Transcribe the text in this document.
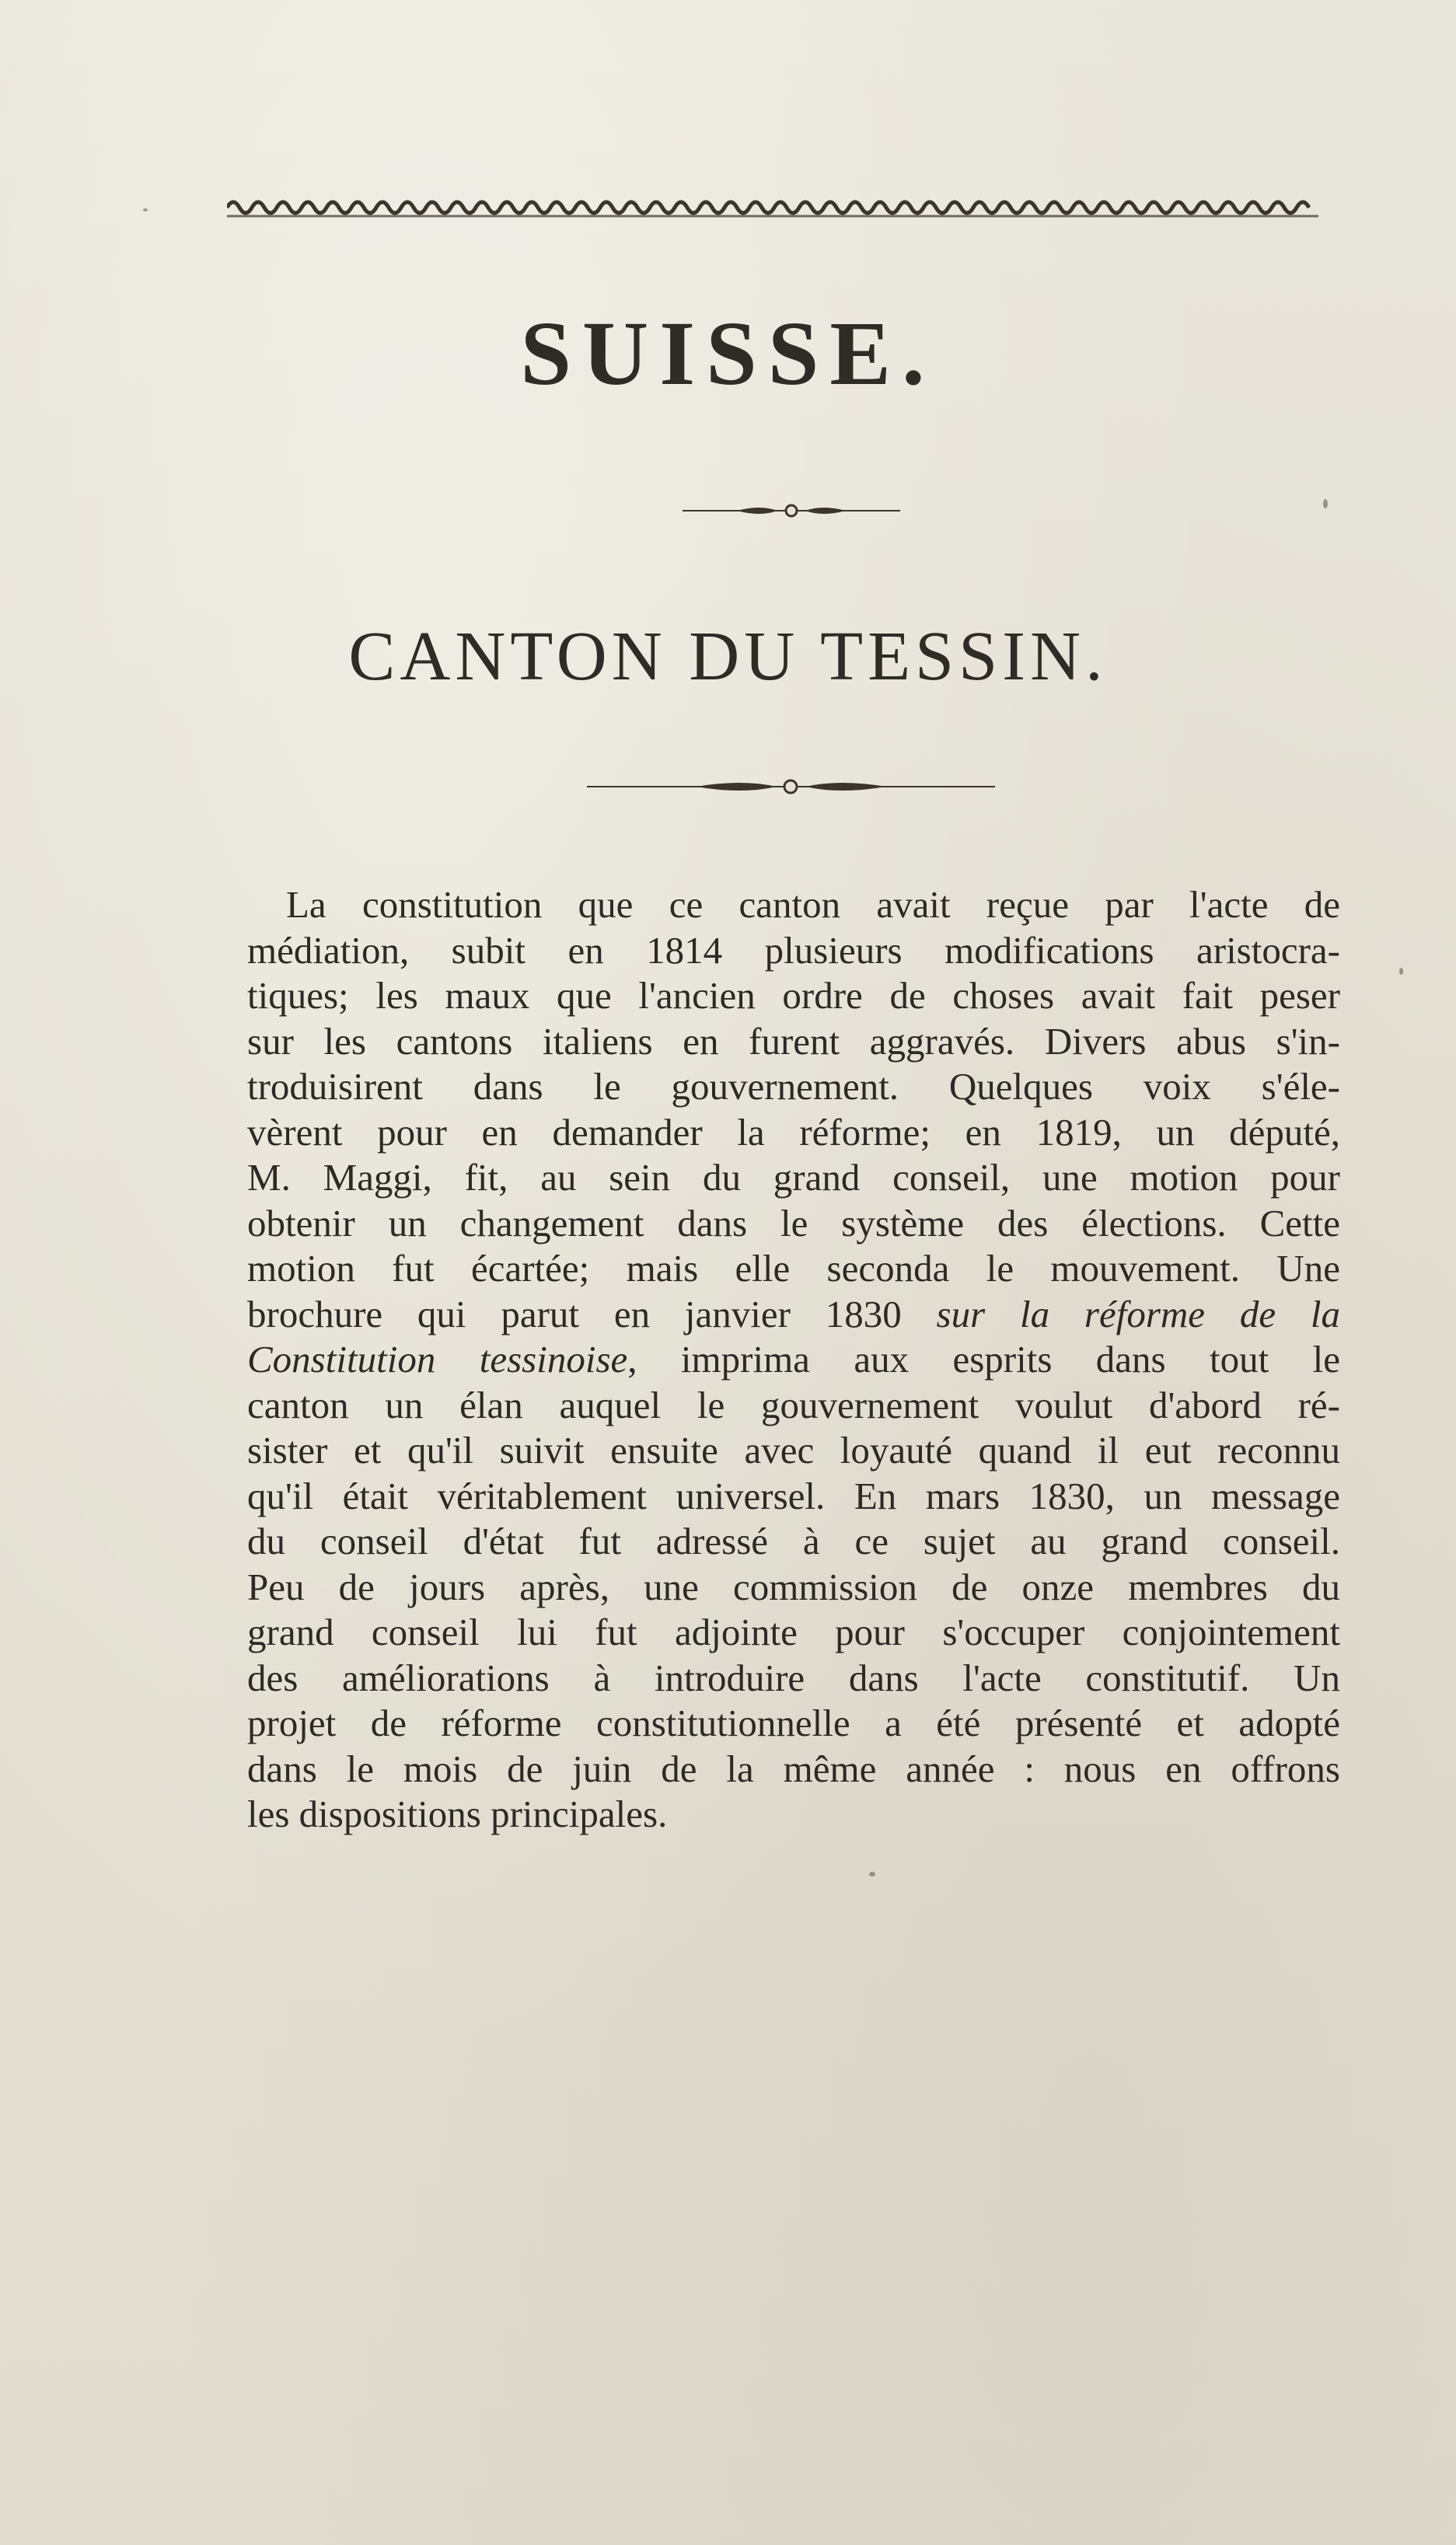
SUISSE.
CANTON DU TESSIN.
La constitution que ce canton avait reçue par l'acte de
médiation, subit en 1814 plusieurs modifications aristocra-
tiques; les maux que l'ancien ordre de choses avait fait peser
sur les cantons italiens en furent aggravés. Divers abus s'in-
troduisirent dans le gouvernement. Quelques voix s'éle-
vèrent pour en demander la réforme; en 1819, un député,
M. Maggi, fit, au sein du grand conseil, une motion pour
obtenir un changement dans le système des élections. Cette
motion fut écartée; mais elle seconda le mouvement. Une
brochure qui parut en janvier 1830 sur la réforme de la
Constitution tessinoise, imprima aux esprits dans tout le
canton un élan auquel le gouvernement voulut d'abord ré-
sister et qu'il suivit ensuite avec loyauté quand il eut reconnu
qu'il était véritablement universel. En mars 1830, un message
du conseil d'état fut adressé à ce sujet au grand conseil.
Peu de jours après, une commission de onze membres du
grand conseil lui fut adjointe pour s'occuper conjointement
des améliorations à introduire dans l'acte constitutif. Un
projet de réforme constitutionnelle a été présenté et adopté
dans le mois de juin de la même année : nous en offrons
les dispositions principales.
